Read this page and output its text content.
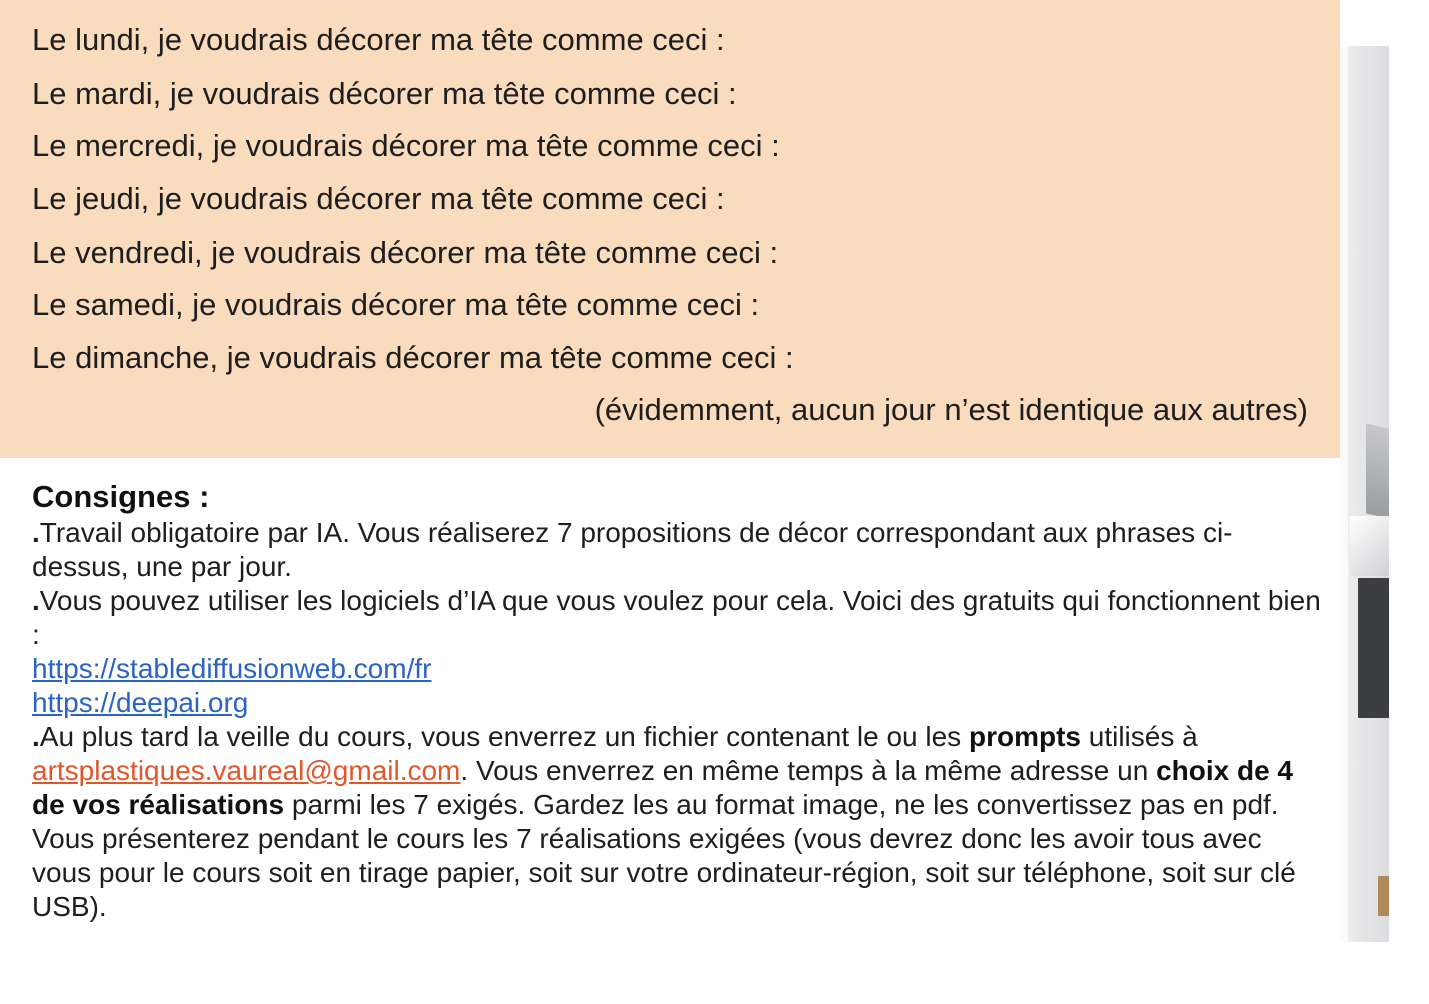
Le lundi, je voudrais décorer ma tête comme ceci :
Le mardi, je voudrais décorer ma tête comme ceci :
Le mercredi, je voudrais décorer ma tête comme ceci :
Le jeudi, je voudrais décorer ma tête comme ceci :
Le vendredi, je voudrais décorer ma tête comme ceci :
Le samedi, je voudrais décorer ma tête comme ceci :
Le dimanche, je voudrais décorer ma tête comme ceci :
(évidemment, aucun jour n’est identique aux autres)
Consignes :

.Travail obligatoire par IA. Vous réaliserez 7 propositions de décor correspondant aux phrases ci-dessus, une par jour.

.Vous pouvez utiliser les logiciels d’IA que vous voulez pour cela. Voici des gratuits qui fonctionnent bien :

https://stablediffusionweb.com/fr
https://deepai.org

.Au plus tard la veille du cours, vous enverrez un fichier contenant le ou les prompts utilisés à artsplastiques.vaureal@gmail.com. Vous enverrez en même temps à la même adresse un choix de 4 de vos réalisations parmi les 7 exigés. Gardez les au format image, ne les convertissez pas en pdf. Vous présenterez pendant le cours les 7 réalisations exigées (vous devrez donc les avoir tous avec vous pour le cours soit en tirage papier, soit sur votre ordinateur-région, soit sur téléphone, soit sur clé USB).
